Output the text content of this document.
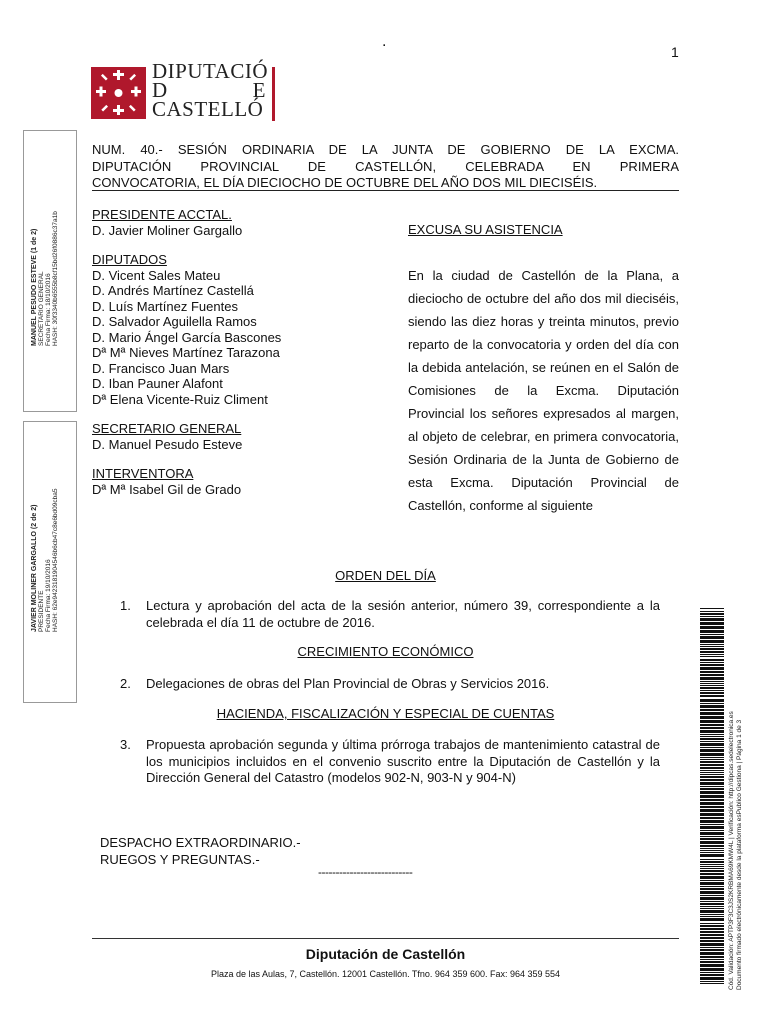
.
1
DIPUTACIÓ
D	E
CASTELLÓ
NUM. 40.- SESIÓN ORDINARIA DE LA JUNTA DE GOBIERNO DE LA EXCMA.
DIPUTACIÓN PROVINCIAL DE CASTELLÓN, CELEBRADA EN PRIMERA
CONVOCATORIA, EL DÍA DIECIOCHO DE OCTUBRE DEL AÑO DOS MIL DIECISÉIS.
PRESIDENTE ACCTAL.
D. Javier Moliner Gargallo
DIPUTADOS
D. Vicent Sales Mateu
D. Andrés Martínez Castellá
D. Luís Martínez Fuentes
D. Salvador Aguilella Ramos
D. Mario Ángel García Bascones
Dª Mª Nieves Martínez Tarazona
D. Francisco Juan Mars
D. Iban Pauner Alafont
Dª Elena Vicente-Ruiz Climent
SECRETARIO GENERAL
D. Manuel Pesudo Esteve
INTERVENTORA
Dª Mª Isabel Gil de Grado
EXCUSA SU ASISTENCIA
En la ciudad de Castellón de la Plana, a dieciocho de octubre del año dos mil dieciséis, siendo las diez horas y treinta minutos, previo reparto de la convocatoria y orden del día con la debida antelación, se reúnen en el Salón de Comisiones de la Excma. Diputación Provincial los señores expresados al margen, al objeto de celebrar, en primera convocatoria, Sesión Ordinaria de la Junta de Gobierno de esta Excma. Diputación Provincial de Castellón, conforme al siguiente
ORDEN DEL DÍA
1.	Lectura y aprobación del acta de la sesión anterior, número 39, correspondiente a la celebrada el día 11 de octubre de 2016.
CRECIMIENTO ECONÓMICO
2.	Delegaciones de obras del Plan Provincial de Obras y Servicios 2016.
HACIENDA, FISCALIZACIÓN Y ESPECIAL DE CUENTAS
3.	Propuesta aprobación segunda y última prórroga trabajos de mantenimiento catastral de los municipios incluidos en el convenio suscrito entre la Diputación de Castellón y la Dirección General del Catastro (modelos 902-N, 903-N y 904-N)
DESPACHO EXTRAORDINARIO.-
RUEGOS Y PREGUNTAS.-
---------------------------
Diputación de Castellón
Plaza de las Aulas, 7, Castellón. 12001 Castellón. Tfno. 964 359 600. Fax: 964 359 554
MANUEL PESUDO ESTEVE (1 de 2) SECRETARIO GENERAL Fecha Firma: 18/10/2016 HASH: 30f3340b6555b8cf15bd26f0886c37a1b
JAVIER MOLINER GARGALLO (2 de 2) PRESIDENTE Fecha Firma: 19/10/2016 HASH: 62e9423181904546b6cb47c8e6bd09cba5
Cód. Validación: APTP3F3C3JS2KRBMA69KMW4L | Verificación: http://dipcas.sedelectronica.es Documento firmado electrónicamente desde la plataforma esPublico Gestiona | Página 1 de 3
